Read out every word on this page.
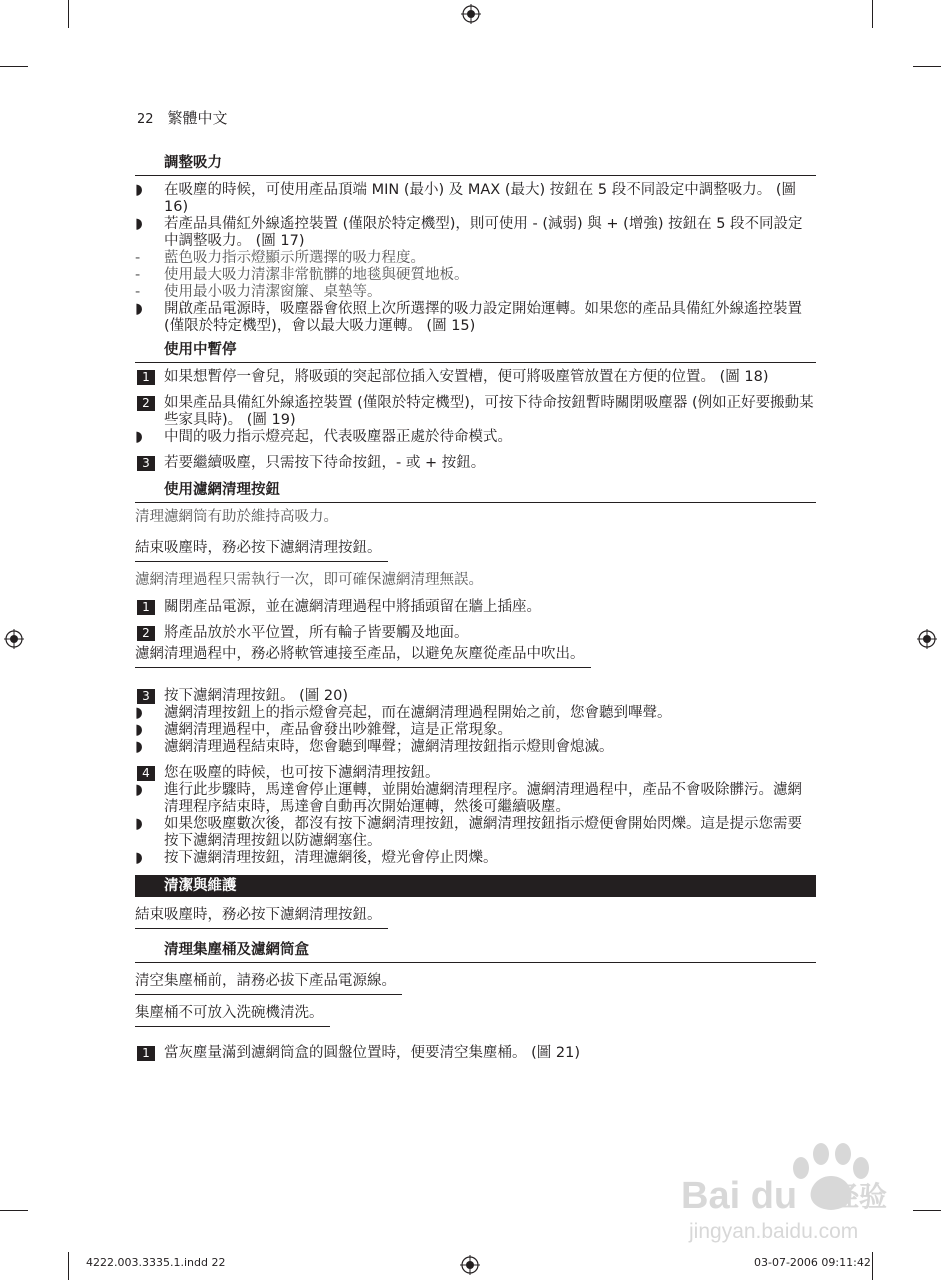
22 繁體中文
調整吸力
◗	在吸塵的時候，可使用產品頂端 MIN (最小) 及 MAX (最大) 按鈕在 5 段不同設定中調整吸力。 (圖 16)
◗	若產品具備紅外線遙控裝置 (僅限於特定機型)，則可使用 - (減弱) 與 + (增強) 按鈕在 5 段不同設定中調整吸力。 (圖 17)
-	藍色吸力指示燈顯示所選擇的吸力程度。
-	使用最大吸力清潔非常骯髒的地毯與硬質地板。
-	使用最小吸力清潔窗簾、桌墊等。
◗	開啟產品電源時，吸塵器會依照上次所選擇的吸力設定開始運轉。如果您的產品具備紅外線遙控裝置 (僅限於特定機型)，會以最大吸力運轉。 (圖 15)
使用中暫停
1 如果想暫停一會兒，將吸頭的突起部位插入安置槽，便可將吸塵管放置在方便的位置。 (圖 18)
2 如果產品具備紅外線遙控裝置 (僅限於特定機型)，可按下待命按鈕暫時關閉吸塵器 (例如正好要搬動某些家具時)。 (圖 19)
◗	中間的吸力指示燈亮起，代表吸塵器正處於待命模式。
3 若要繼續吸塵，只需按下待命按鈕，- 或 + 按鈕。
使用濾網清理按鈕
清理濾網筒有助於維持高吸力。
結束吸塵時，務必按下濾網清理按鈕。
濾網清理過程只需執行一次，即可確保濾網清理無誤。
1 關閉產品電源，並在濾網清理過程中將插頭留在牆上插座。
2 將產品放於水平位置，所有輪子皆要觸及地面。
濾網清理過程中，務必將軟管連接至產品，以避免灰塵從產品中吹出。
3 按下濾網清理按鈕。 (圖 20)
◗	濾網清理按鈕上的指示燈會亮起，而在濾網清理過程開始之前，您會聽到嗶聲。
◗	濾網清理過程中，產品會發出吵雜聲，這是正常現象。
◗	濾網清理過程結束時，您會聽到嗶聲；濾網清理按鈕指示燈則會熄滅。
4 您在吸塵的時候，也可按下濾網清理按鈕。
◗	進行此步驟時，馬達會停止運轉，並開始濾網清理程序。濾網清理過程中，產品不會吸除髒污。濾網清理程序結束時，馬達會自動再次開始運轉，然後可繼續吸塵。
◗	如果您吸塵數次後，都沒有按下濾網清理按鈕，濾網清理按鈕指示燈便會開始閃爍。這是提示您需要按下濾網清理按鈕以防濾網塞住。
◗	按下濾網清理按鈕，清理濾網後，燈光會停止閃爍。
清潔與維護
結束吸塵時，務必按下濾網清理按鈕。
清理集塵桶及濾網筒盒
清空集塵桶前，請務必拔下產品電源線。
集塵桶不可放入洗碗機清洗。
1 當灰塵量滿到濾網筒盒的圓盤位置時，便要清空集塵桶。 (圖 21)
Bai du 经验
jingyan.baidu.com
4222.003.3335.1.indd 22	03-07-2006 09:11:42
